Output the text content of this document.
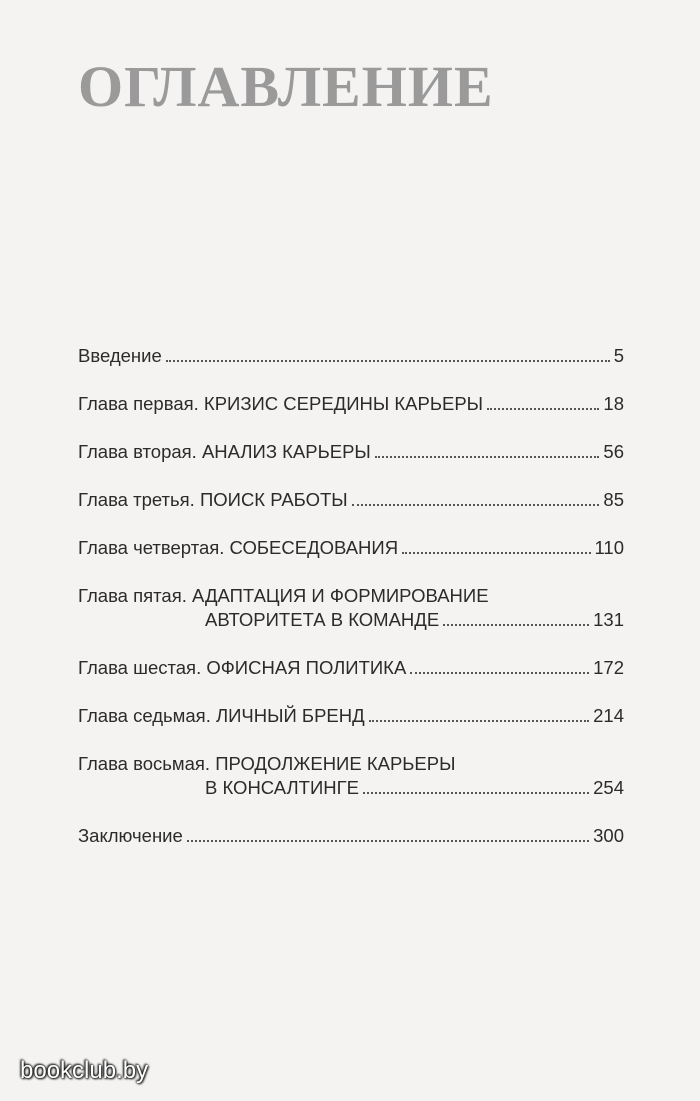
ОГЛАВЛЕНИЕ
Введение	5
Глава первая. КРИЗИС СЕРЕДИНЫ КАРЬЕРЫ	18
Глава вторая. АНАЛИЗ КАРЬЕРЫ	56
Глава третья. ПОИСК РАБОТЫ	85
Глава четвертая. СОБЕСЕДОВАНИЯ	110
Глава пятая. АДАПТАЦИЯ И ФОРМИРОВАНИЕ
АВТОРИТЕТА В КОМАНДЕ	131
Глава шестая. ОФИСНАЯ ПОЛИТИКА	172
Глава седьмая. ЛИЧНЫЙ БРЕНД	214
Глава восьмая. ПРОДОЛЖЕНИЕ КАРЬЕРЫ
В КОНСАЛТИНГЕ	254
Заключение	300
bookclub.by
